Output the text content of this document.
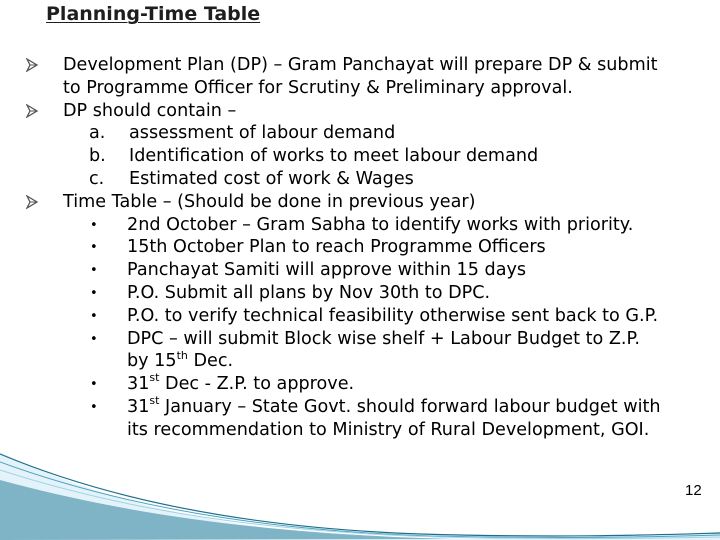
Planning-Time Table
Development Plan (DP) – Gram Panchayat will prepare DP & submit
to Programme Officer for Scrutiny & Preliminary approval.
DP should contain –
a. assessment of labour demand
b. Identification of works to meet labour demand
c. Estimated cost of work & Wages
Time Table – (Should be done in previous year)
• 2nd October – Gram Sabha to identify works with priority.
• 15th October Plan to reach Programme Officers
• Panchayat Samiti will approve within 15 days
• P.O. Submit all plans by Nov 30th to DPC.
• P.O. to verify technical feasibility otherwise sent back to G.P.
• DPC – will submit Block wise shelf + Labour Budget to Z.P.
by 15th Dec.
• 31st Dec - Z.P. to approve.
• 31st January – State Govt. should forward labour budget with
its recommendation to Ministry of Rural Development, GOI.
12
